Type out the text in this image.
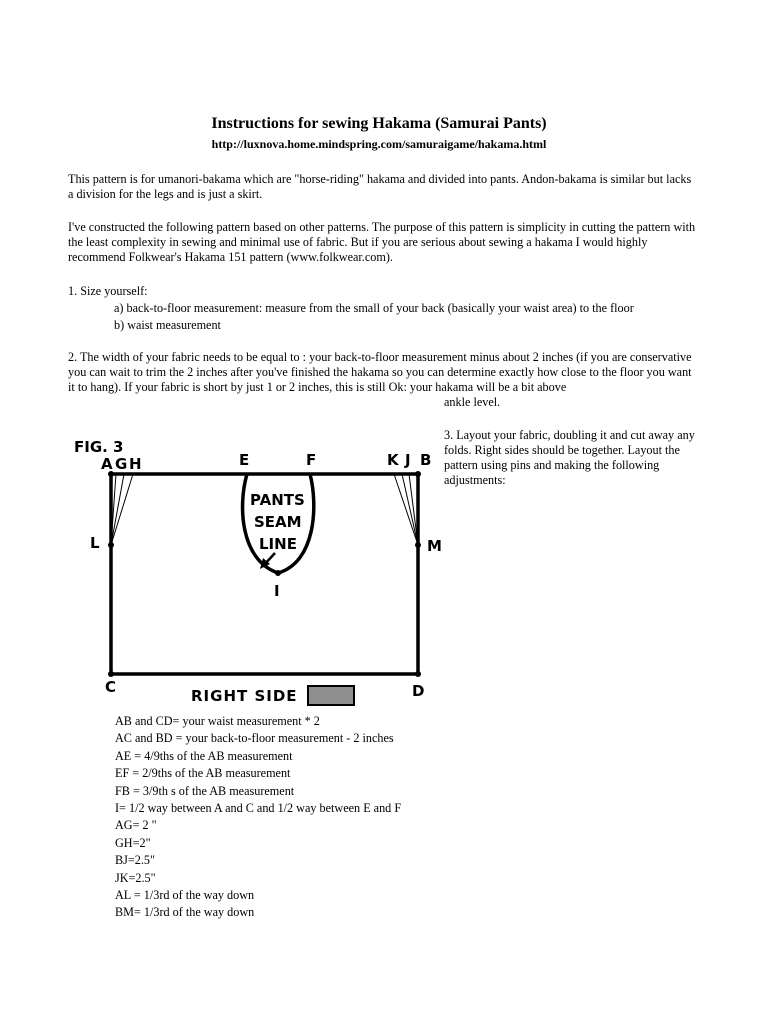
Instructions for sewing Hakama (Samurai Pants)
http://luxnova.home.mindspring.com/samuraigame/hakama.html
This pattern is for umanori-bakama which are "horse-riding" hakama and divided into pants. Andon-bakama is similar but lacks a division for the legs and is just a skirt.
I've constructed the following pattern based on other patterns. The purpose of this pattern is simplicity in cutting the pattern with the least complexity in sewing and minimal use of fabric. But if you are serious about sewing a hakama I would highly recommend Folkwear's Hakama 151 pattern (www.folkwear.com).
1. Size yourself:
a) back-to-floor measurement: measure from the small of your back (basically your waist area) to the floor
b) waist measurement
2. The width of your fabric needs to be equal to : your back-to-floor measurement minus about 2 inches (if you are conservative you can wait to trim the 2 inches after you've finished the hakama so you can determine exactly how close to the floor you want it to hang). If your fabric is short by just 1 or 2 inches, this is still Ok: your hakama will be a bit above
ankle level.
3. Layout your fabric, doubling it and cut away any folds. Right sides should be together. Layout the pattern using pins and making the following adjustments:
FIG. 3
A G H	E	F	K J B
L	M
I
C	D
PANTS
SEAM
LINE
RIGHT SIDE
AB and CD= your waist measurement * 2
AC and BD = your back-to-floor measurement - 2 inches
AE = 4/9ths of the AB measurement
EF = 2/9ths of the AB measurement
FB = 3/9th s of the AB measurement
I= 1/2 way between A and C and 1/2 way between E and F
AG= 2 "
GH=2"
BJ=2.5"
JK=2.5"
AL = 1/3rd of the way down
BM= 1/3rd of the way down
